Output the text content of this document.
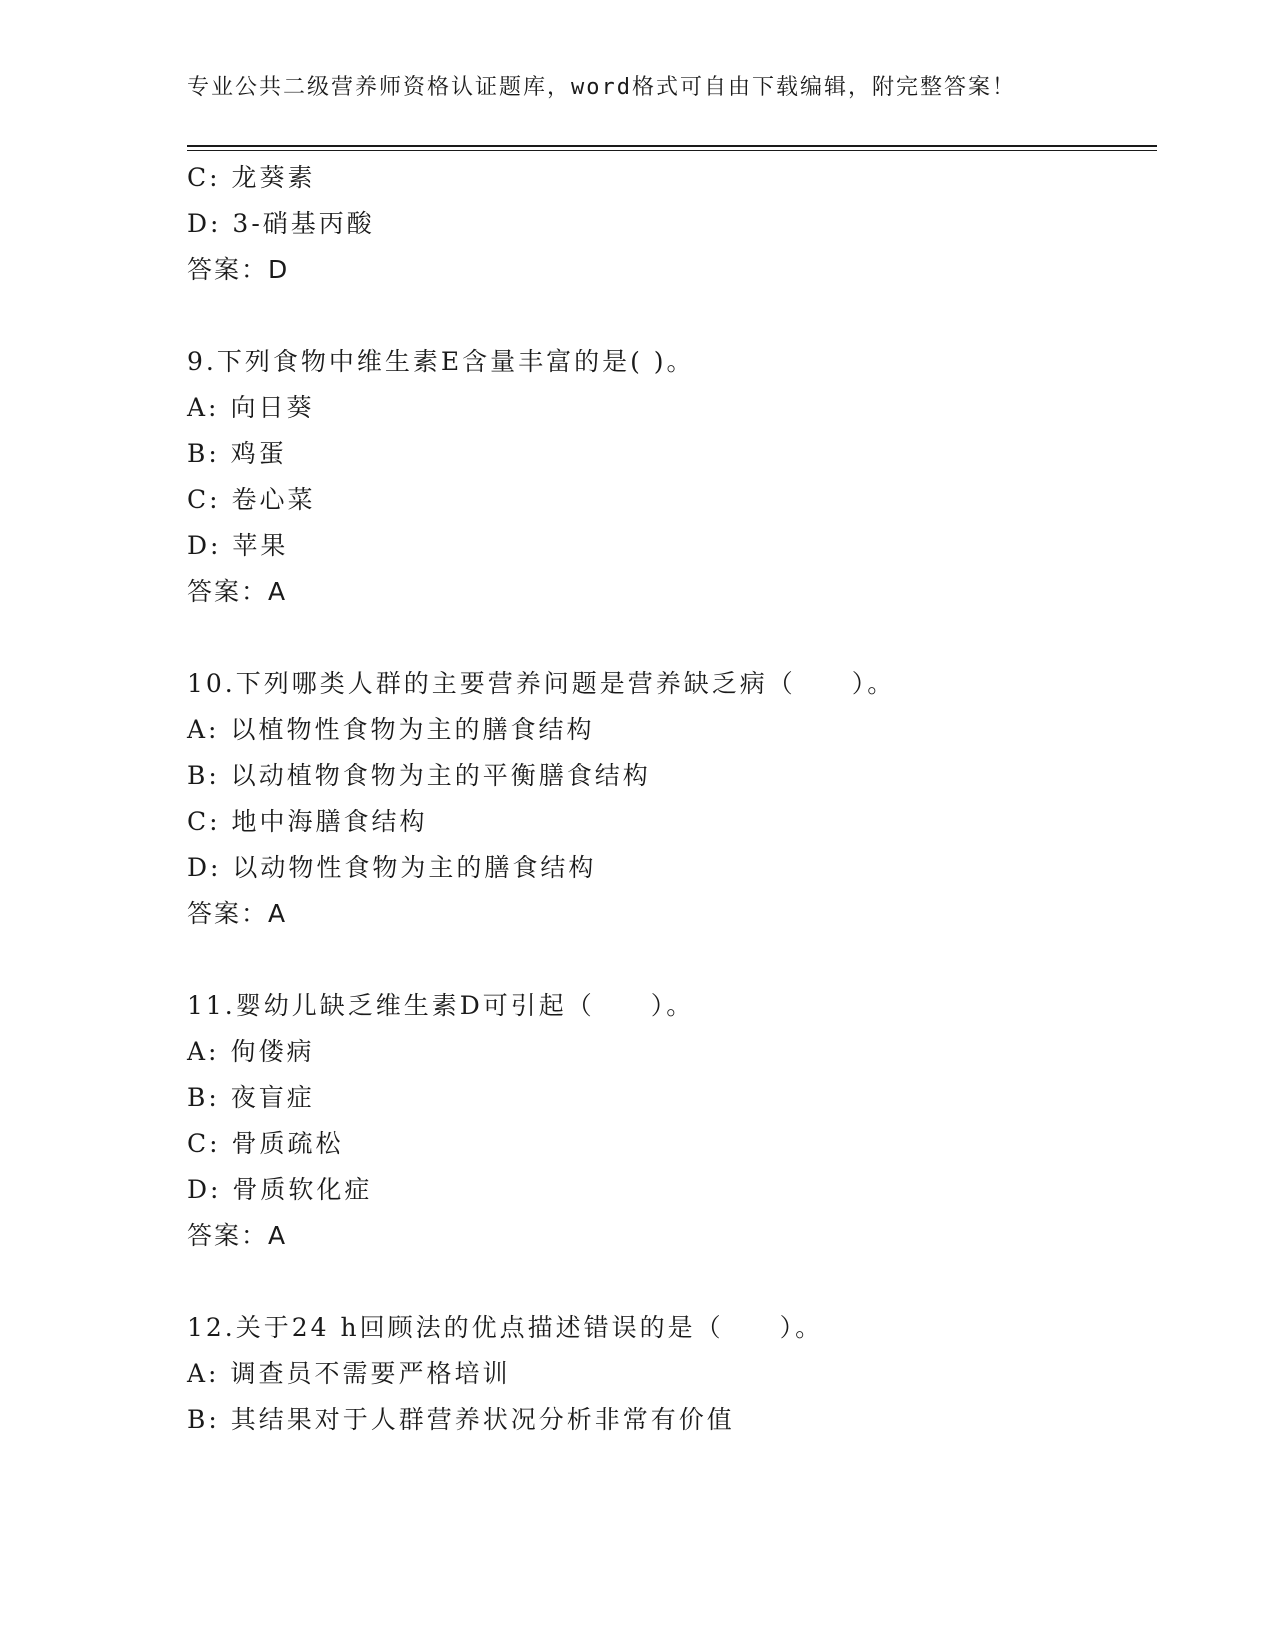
专业公共二级营养师资格认证题库，word格式可自由下载编辑，附完整答案！
C: 龙葵素
D: 3-硝基丙酸
答案：D
9.下列食物中维生素E含量丰富的是( )。
A: 向日葵
B: 鸡蛋
C: 卷心菜
D: 苹果
答案：A
10.下列哪类人群的主要营养问题是营养缺乏病（　　）。
A: 以植物性食物为主的膳食结构
B: 以动植物食物为主的平衡膳食结构
C: 地中海膳食结构
D: 以动物性食物为主的膳食结构
答案：A
11.婴幼儿缺乏维生素D可引起（　　）。
A: 佝偻病
B: 夜盲症
C: 骨质疏松
D: 骨质软化症
答案：A
12.关于24 h回顾法的优点描述错误的是（　　）。
A: 调查员不需要严格培训
B: 其结果对于人群营养状况分析非常有价值
